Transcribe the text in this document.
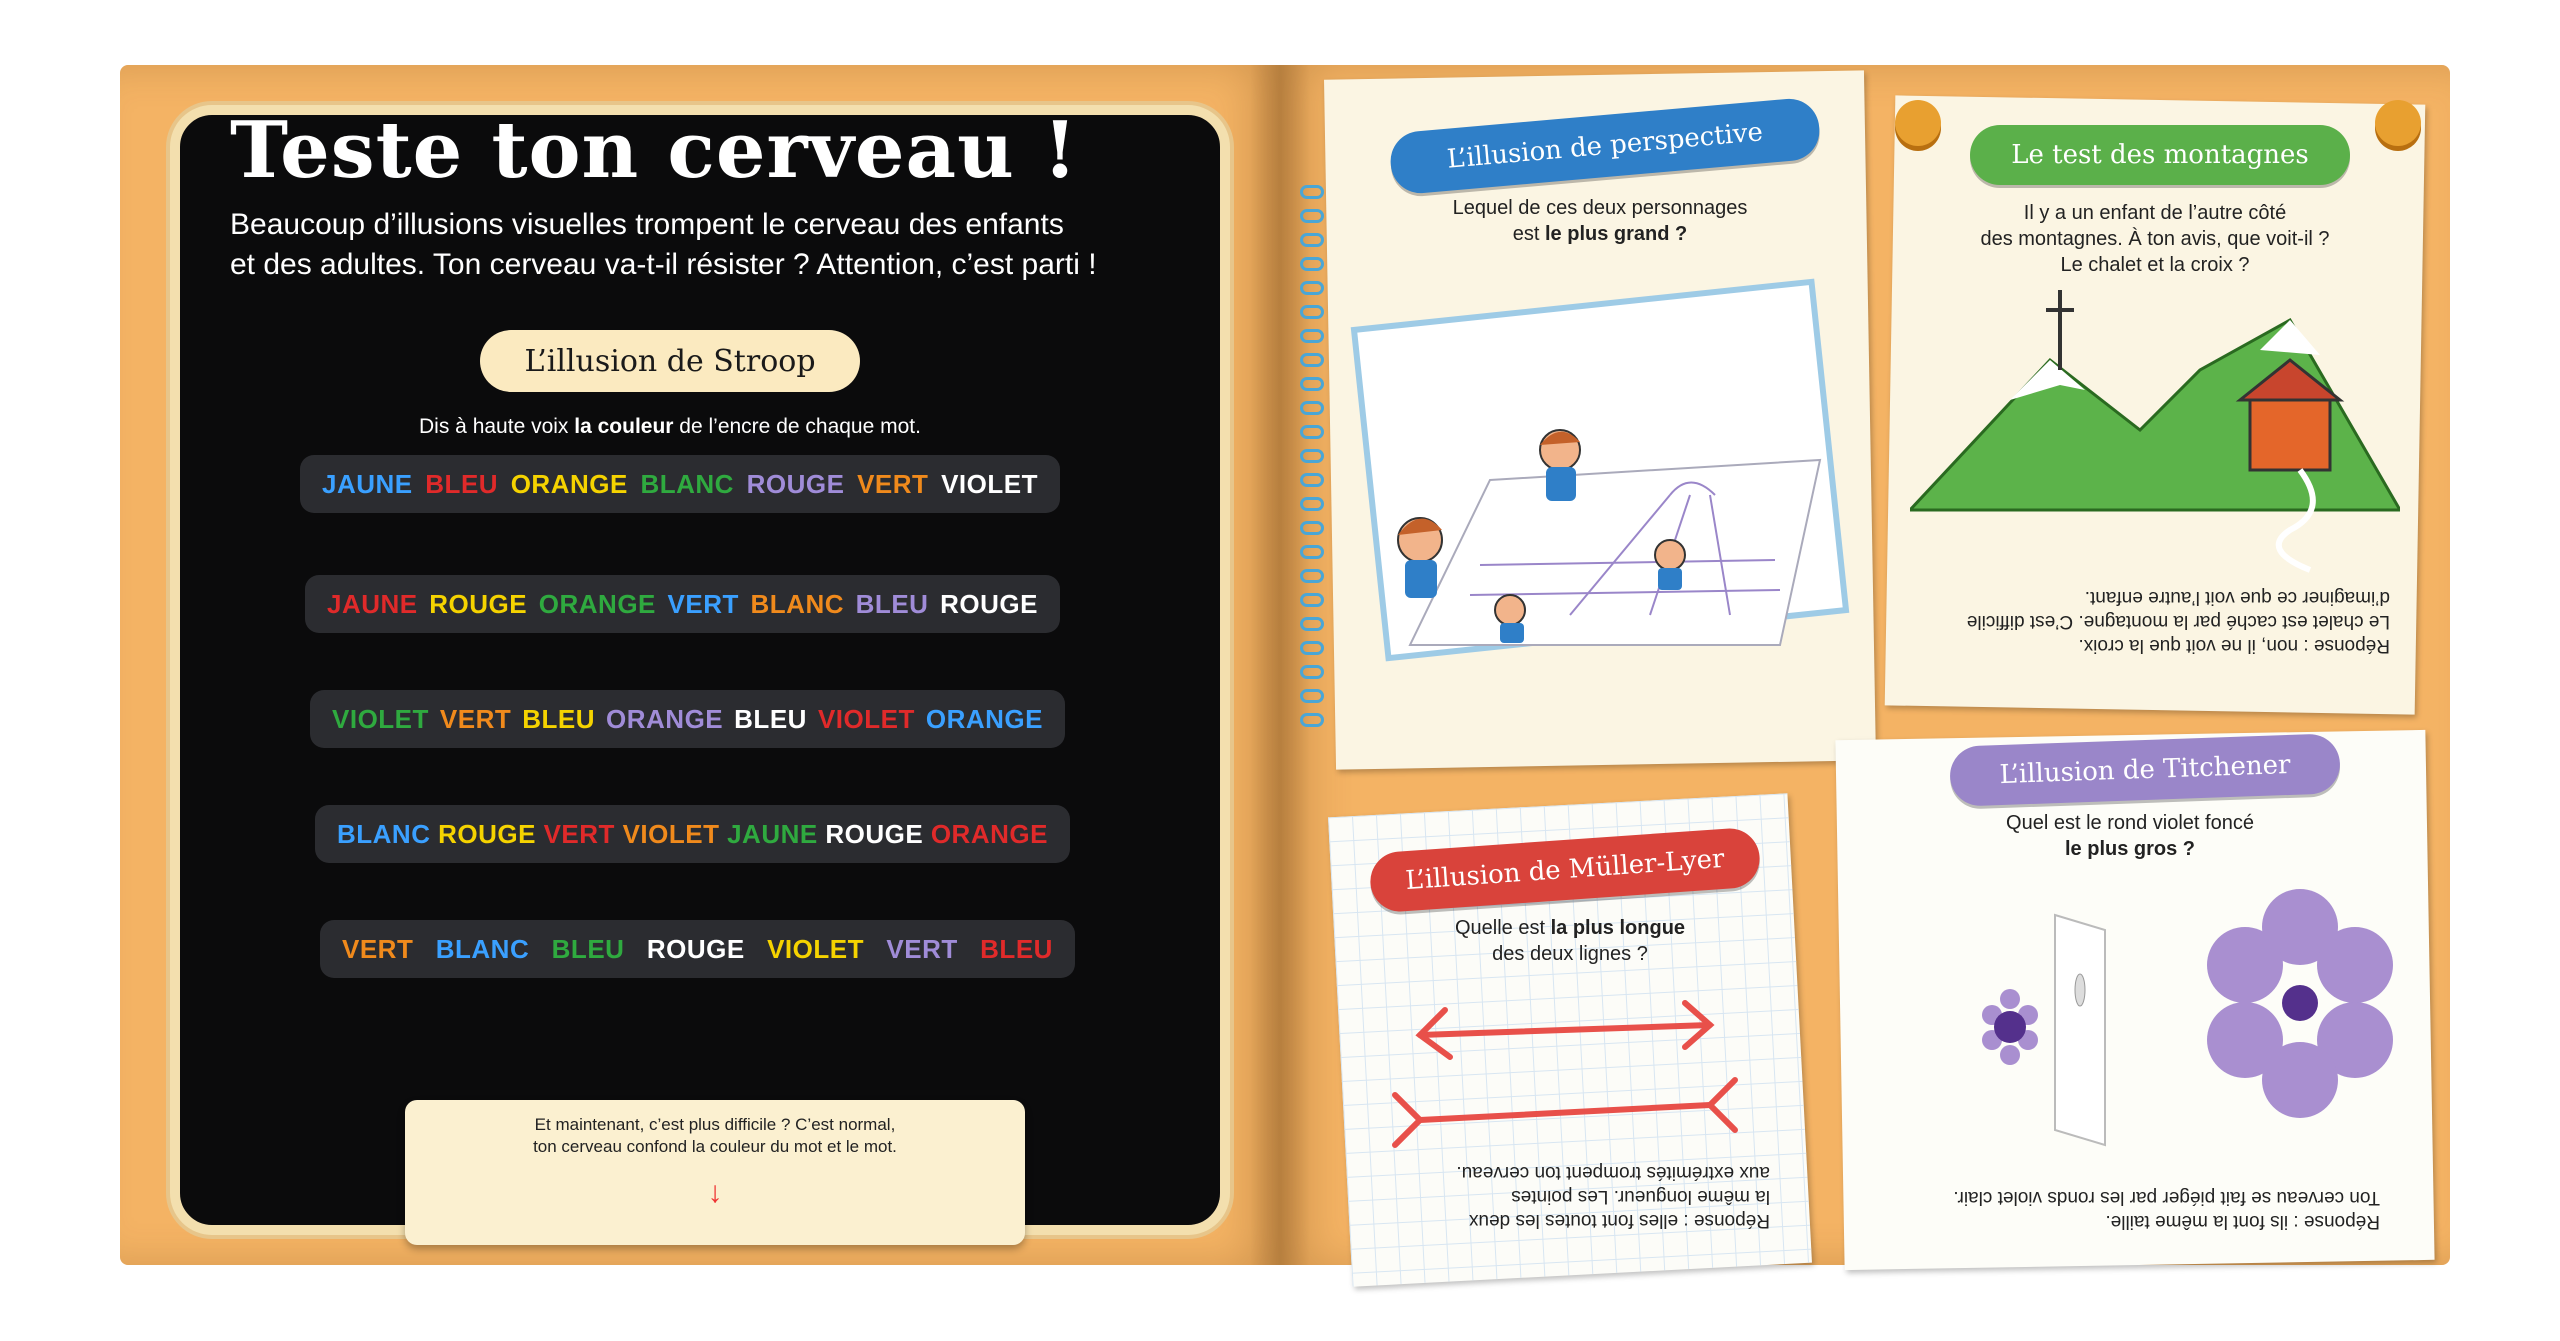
Teste ton cerveau !
Beaucoup d’illusions visuelles trompent le cerveau des enfants
et des adultes. Ton cerveau va-t-il résister ? Attention, c’est parti !
L’illusion de Stroop
Dis à haute voix la couleur de l’encre de chaque mot.
JAUNE BLEU ORANGE BLANC ROUGE VERT VIOLET
JAUNE ROUGE ORANGE VERT BLANC BLEU ROUGE
VIOLET VERT BLEU ORANGE BLEU VIOLET ORANGE
BLANC ROUGE VERT VIOLET JAUNE ROUGE ORANGE
VERT BLANC BLEU ROUGE VIOLET VERT BLEU
Et maintenant, c’est plus difficile ? C’est normal,
ton cerveau confond la couleur du mot et le mot.
↓
L’illusion de perspective
Lequel de ces deux personnages
est le plus grand ?
Le test des montagnes
Il y a un enfant de l’autre côté
des montagnes. À ton avis, que voit-il ?
Le chalet et la croix ?
Réponse : non, il ne voit que la croix.
Le chalet est caché par la montagne. C’est difficile
d’imaginer ce que voit l’autre enfant.
L’illusion de Müller-Lyer
Quelle est la plus longue
des deux lignes ?
Réponse : elles font toutes les deux
la même longueur. Les pointes
aux extrémités trompent ton cerveau.
L’illusion de Titchener
Quel est le rond violet foncé
le plus gros ?
Réponse : ils font la même taille.
Ton cerveau se fait piéger par les ronds violet clair.
